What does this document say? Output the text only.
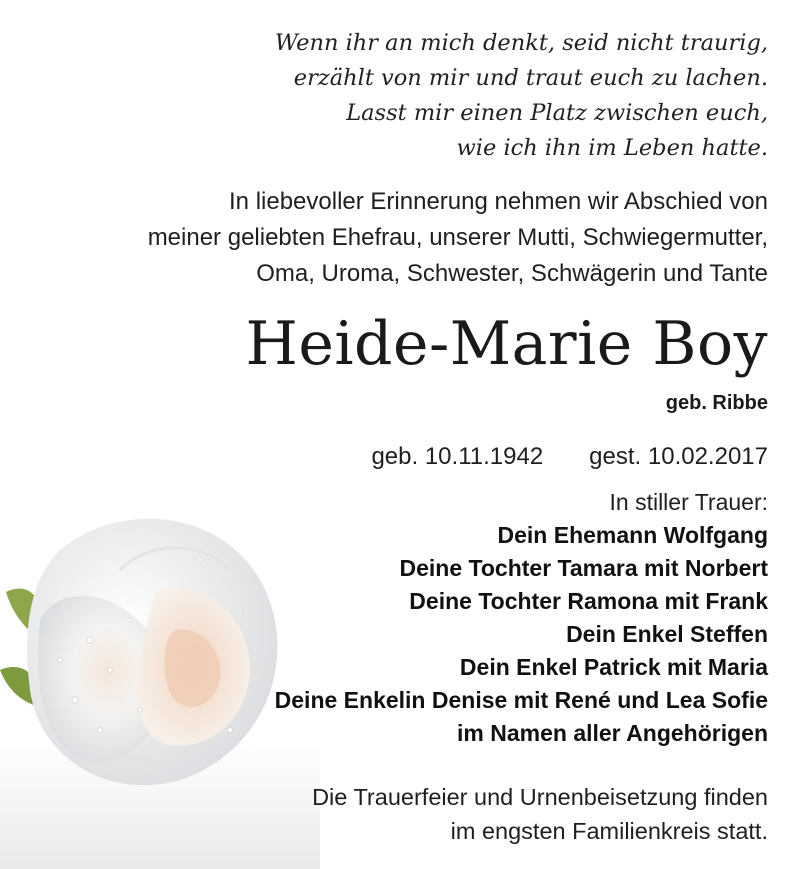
Wenn ihr an mich denkt, seid nicht traurig,
erzählt von mir und traut euch zu lachen.
Lasst mir einen Platz zwischen euch,
wie ich ihn im Leben hatte.
In liebevoller Erinnerung nehmen wir Abschied von
meiner geliebten Ehefrau, unserer Mutti, Schwiegermutter,
Oma, Uroma, Schwester, Schwägerin und Tante
Heide-Marie Boy
geb. Ribbe
geb. 10.11.1942 gest. 10.02.2017
In stiller Trauer:
Dein Ehemann Wolfgang
Deine Tochter Tamara mit Norbert
Deine Tochter Ramona mit Frank
Dein Enkel Steffen
Dein Enkel Patrick mit Maria
Deine Enkelin Denise mit René und Lea Sofie
im Namen aller Angehörigen
Die Trauerfeier und Urnenbeisetzung finden
im engsten Familienkreis statt.
